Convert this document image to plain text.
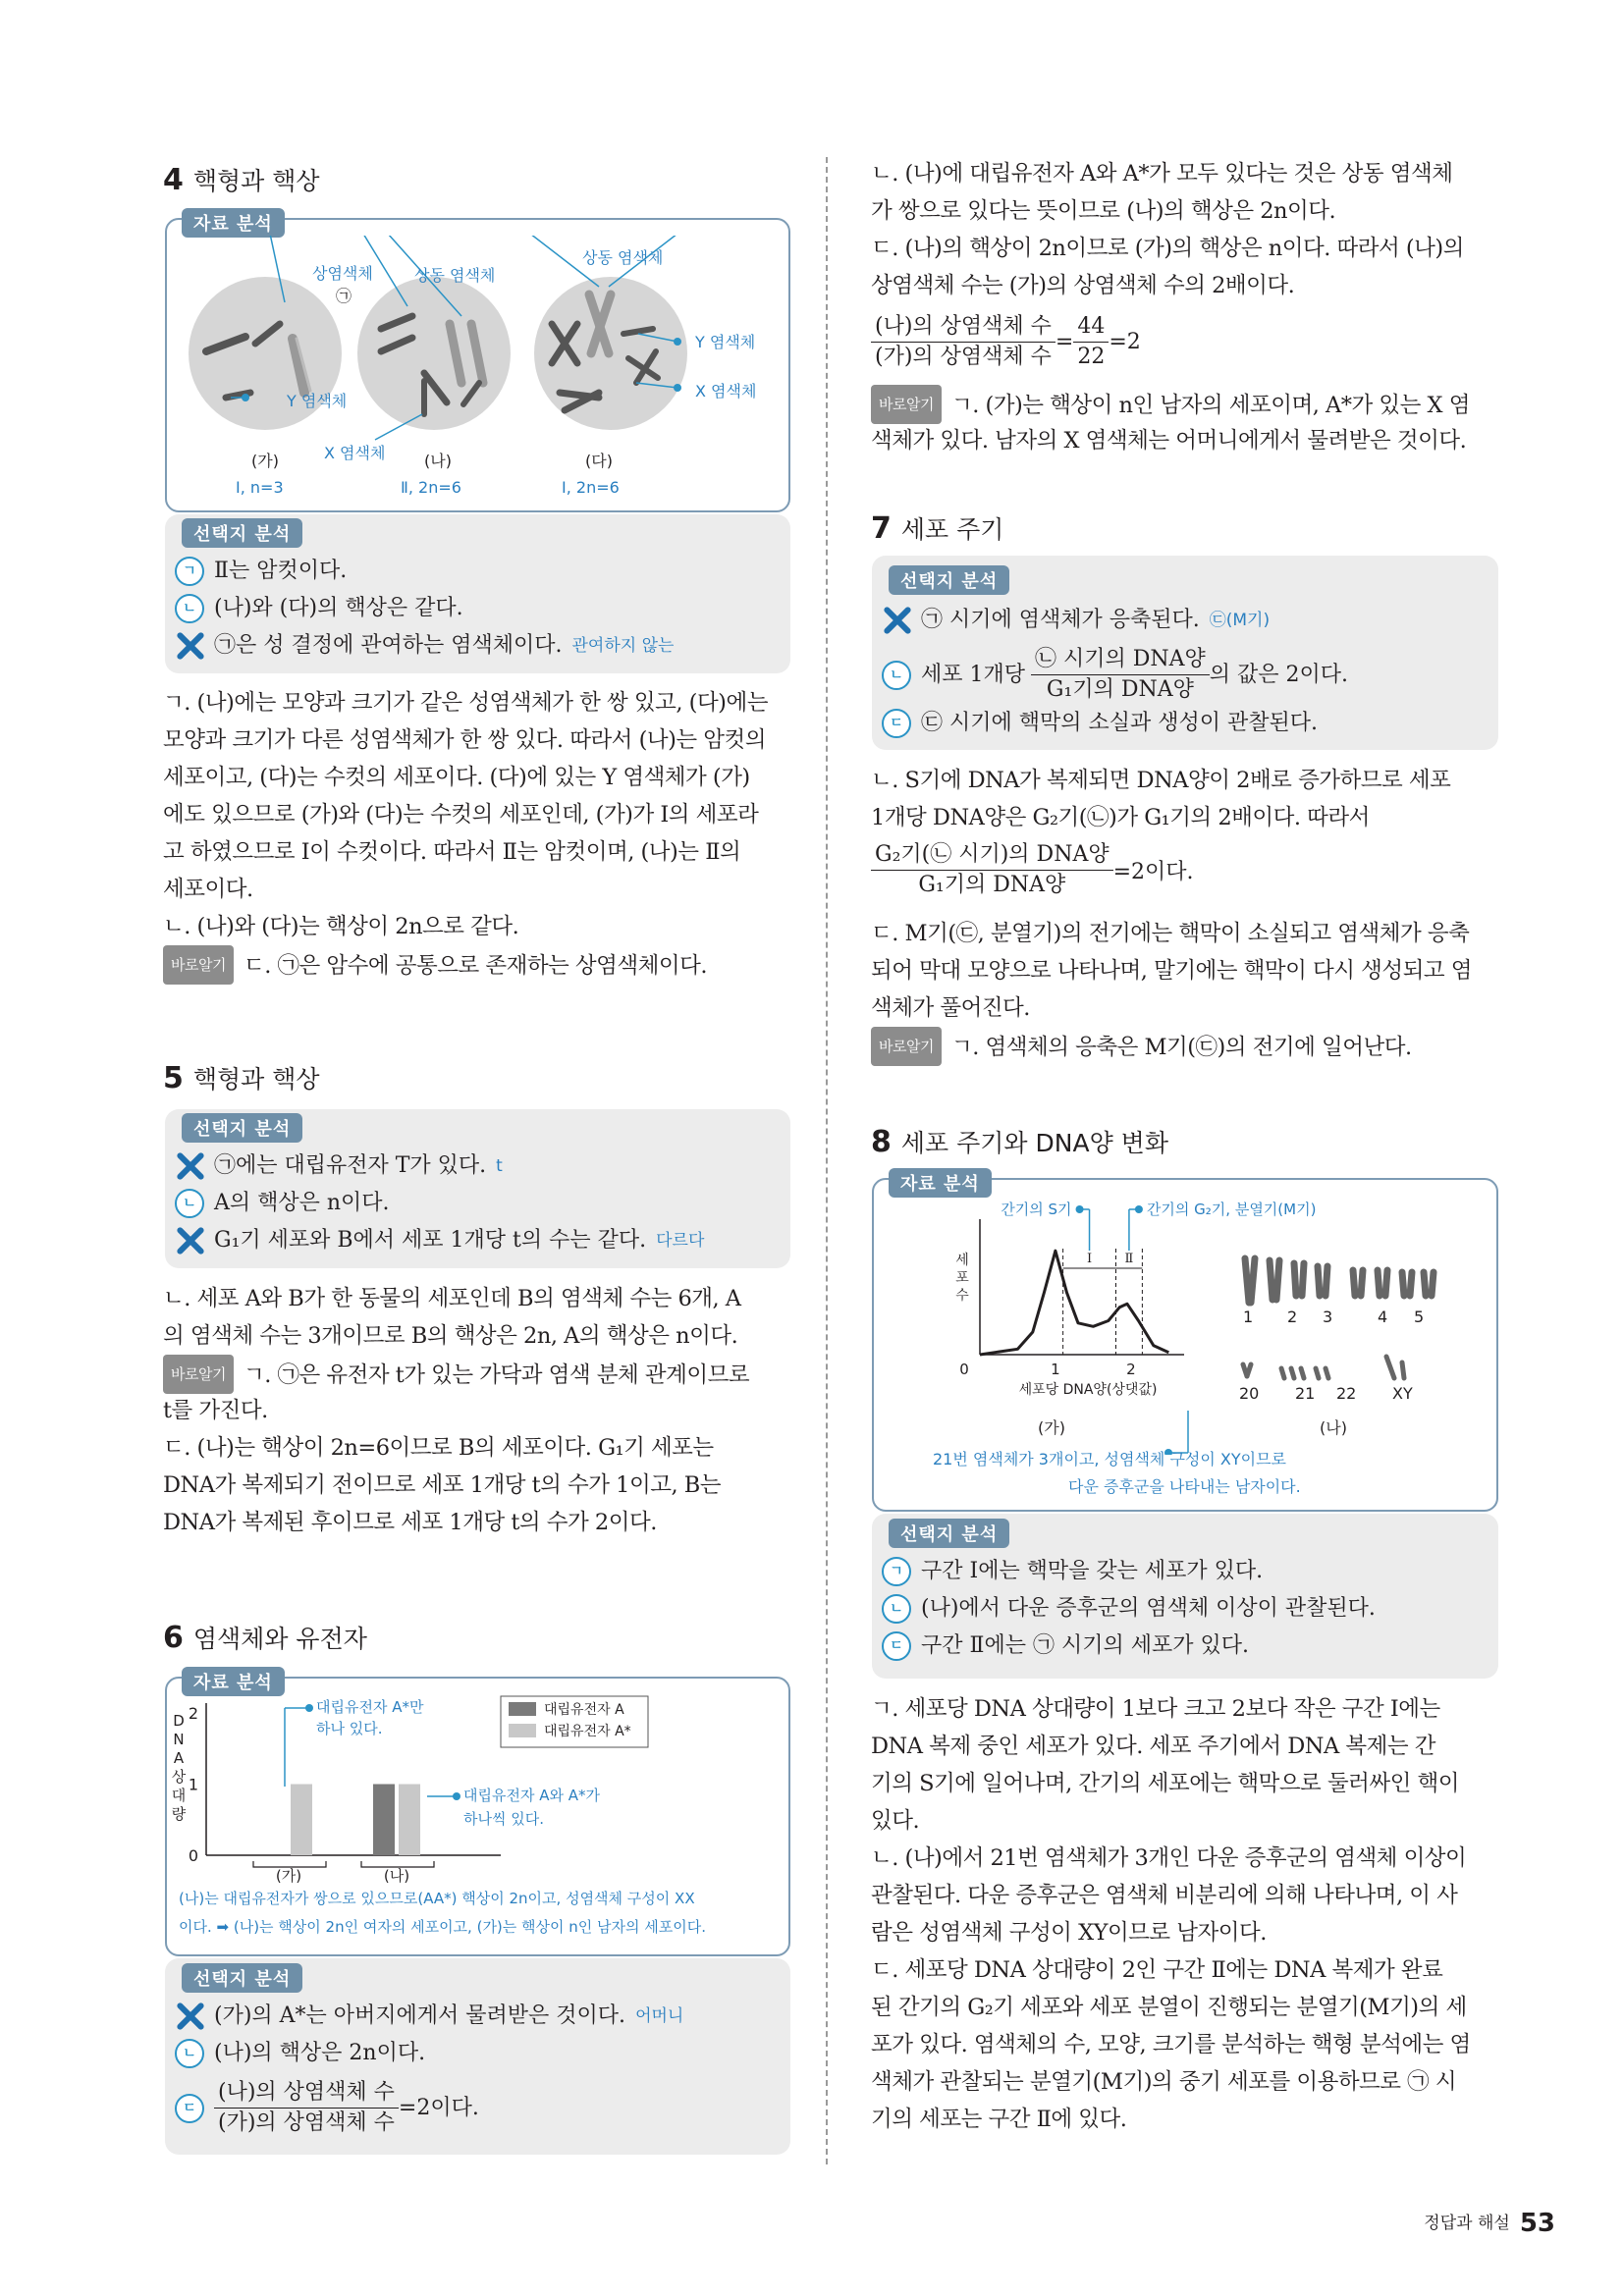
4 핵형과 핵상
자료 분석
상염색체
㉠
상동 염색체
상동 염색체
Y 염색체
X 염색체
Y 염색체
X 염색체
(가)	(나)	(다)
Ⅰ, n=3	Ⅱ, 2n=6	Ⅰ, 2n=6
선택지 분석
ㄱ Ⅱ는 암컷이다.
ㄴ (나)와 (다)의 핵상은 같다.
㉠은 성 결정에 관여하는 염색체이다. 관여하지 않는
ㄱ. (나)에는 모양과 크기가 같은 성염색체가 한 쌍 있고, (다)에는
모양과 크기가 다른 성염색체가 한 쌍 있다. 따라서 (나)는 암컷의
세포이고, (다)는 수컷의 세포이다. (다)에 있는 Y 염색체가 (가)
에도 있으므로 (가)와 (다)는 수컷의 세포인데, (가)가 Ⅰ의 세포라
고 하였으므로 Ⅰ이 수컷이다. 따라서 Ⅱ는 암컷이며, (나)는 Ⅱ의
세포이다.
ㄴ. (나)와 (다)는 핵상이 2n으로 같다.
바로알기 ㄷ. ㉠은 암수에 공통으로 존재하는 상염색체이다.
5 핵형과 핵상
선택지 분석
㉠에는 대립유전자 T가 있다. t
ㄴ A의 핵상은 n이다.
G₁기 세포와 B에서 세포 1개당 t의 수는 같다. 다르다
ㄴ. 세포 A와 B가 한 동물의 세포인데 B의 염색체 수는 6개, A
의 염색체 수는 3개이므로 B의 핵상은 2n, A의 핵상은 n이다.
바로알기 ㄱ. ㉠은 유전자 t가 있는 가닥과 염색 분체 관계이므로
t를 가진다.
ㄷ. (나)는 핵상이 2n=6이므로 B의 세포이다. G₁기 세포는
DNA가 복제되기 전이므로 세포 1개당 t의 수가 1이고, B는
DNA가 복제된 후이므로 세포 1개당 t의 수가 2이다.
6 염색체와 유전자
자료 분석
0
1
2
D
N
A
상
대
량
(가)	(나)
대립유전자 A
대립유전자 A*
대립유전자 A*만
하나 있다.
대립유전자 A와 A*가
하나씩 있다.
(나)는 대립유전자가 쌍으로 있으므로(AA*) 핵상이 2n이고, 성염색체 구성이 XX
이다. ➡ (나)는 핵상이 2n인 여자의 세포이고, (가)는 핵상이 n인 남자의 세포이다.
선택지 분석
(가)의 A*는 아버지에게서 물려받은 것이다. 어머니
ㄴ (나)의 핵상은 2n이다.
ㄷ $\frac{\text{(나)의 상염색체 수}}{\text{(가)의 상염색체 수}} =2$이다.
ㄴ. (나)에 대립유전자 A와 A*가 모두 있다는 것은 상동 염색체
가 쌍으로 있다는 뜻이므로 (나)의 핵상은 2n이다.
ㄷ. (나)의 핵상이 2n이므로 (가)의 핵상은 n이다. 따라서 (나)의
상염색체 수는 (가)의 상염색체 수의 2배이다.
$\frac{\text{(나)의 상염색체 수}}{\text{(가)의 상염색체 수}} = \frac{44}{22} =2$
바로알기 ㄱ. (가)는 핵상이 n인 남자의 세포이며, A*가 있는 X 염
색체가 있다. 남자의 X 염색체는 어머니에게서 물려받은 것이다.
7 세포 주기
선택지 분석
㉠ 시기에 염색체가 응축된다. ㉢(M기)
ㄴ 세포 1개당 $\frac{\text{㉡ 시기의 DNA양}}{\text{G₁기의 DNA양}}$ 의 값은 2이다.
ㄷ ㉢ 시기에 핵막의 소실과 생성이 관찰된다.
ㄴ. S기에 DNA가 복제되면 DNA양이 2배로 증가하므로 세포
1개당 DNA양은 G₂기(㉡)가 G₁기의 2배이다. 따라서
$\frac{\text{G₂기(㉡ 시기)의 DNA양}}{\text{G₁기의 DNA양}} =2$이다.
ㄷ. M기(㉢, 분열기)의 전기에는 핵막이 소실되고 염색체가 응축
되어 막대 모양으로 나타나며, 말기에는 핵막이 다시 생성되고 염
색체가 풀어진다.
바로알기 ㄱ. 염색체의 응축은 M기(㉢)의 전기에 일어난다.
8 세포 주기와 DNA양 변화
자료 분석
0	1	2
세포당 DNA양(상댓값)
세
포
수
Ⅰ	Ⅱ
간기의 S기	간기의 G₂기, 분열기(M기)
1 2 3	4 5
20 21 22 XY
(가)	(나)
21번 염색체가 3개이고, 성염색체 구성이 XY이므로
다운 증후군을 나타내는 남자이다.
선택지 분석
ㄱ 구간 Ⅰ에는 핵막을 갖는 세포가 있다.
ㄴ (나)에서 다운 증후군의 염색체 이상이 관찰된다.
ㄷ 구간 Ⅱ에는 ㉠ 시기의 세포가 있다.
ㄱ. 세포당 DNA 상대량이 1보다 크고 2보다 작은 구간 Ⅰ에는
DNA 복제 중인 세포가 있다. 세포 주기에서 DNA 복제는 간
기의 S기에 일어나며, 간기의 세포에는 핵막으로 둘러싸인 핵이
있다.
ㄴ. (나)에서 21번 염색체가 3개인 다운 증후군의 염색체 이상이
관찰된다. 다운 증후군은 염색체 비분리에 의해 나타나며, 이 사
람은 성염색체 구성이 XY이므로 남자이다.
ㄷ. 세포당 DNA 상대량이 2인 구간 Ⅱ에는 DNA 복제가 완료
된 간기의 G₂기 세포와 세포 분열이 진행되는 분열기(M기)의 세
포가 있다. 염색체의 수, 모양, 크기를 분석하는 핵형 분석에는 염
색체가 관찰되는 분열기(M기)의 중기 세포를 이용하므로 ㉠ 시
기의 세포는 구간 Ⅱ에 있다.
정답과 해설 53
